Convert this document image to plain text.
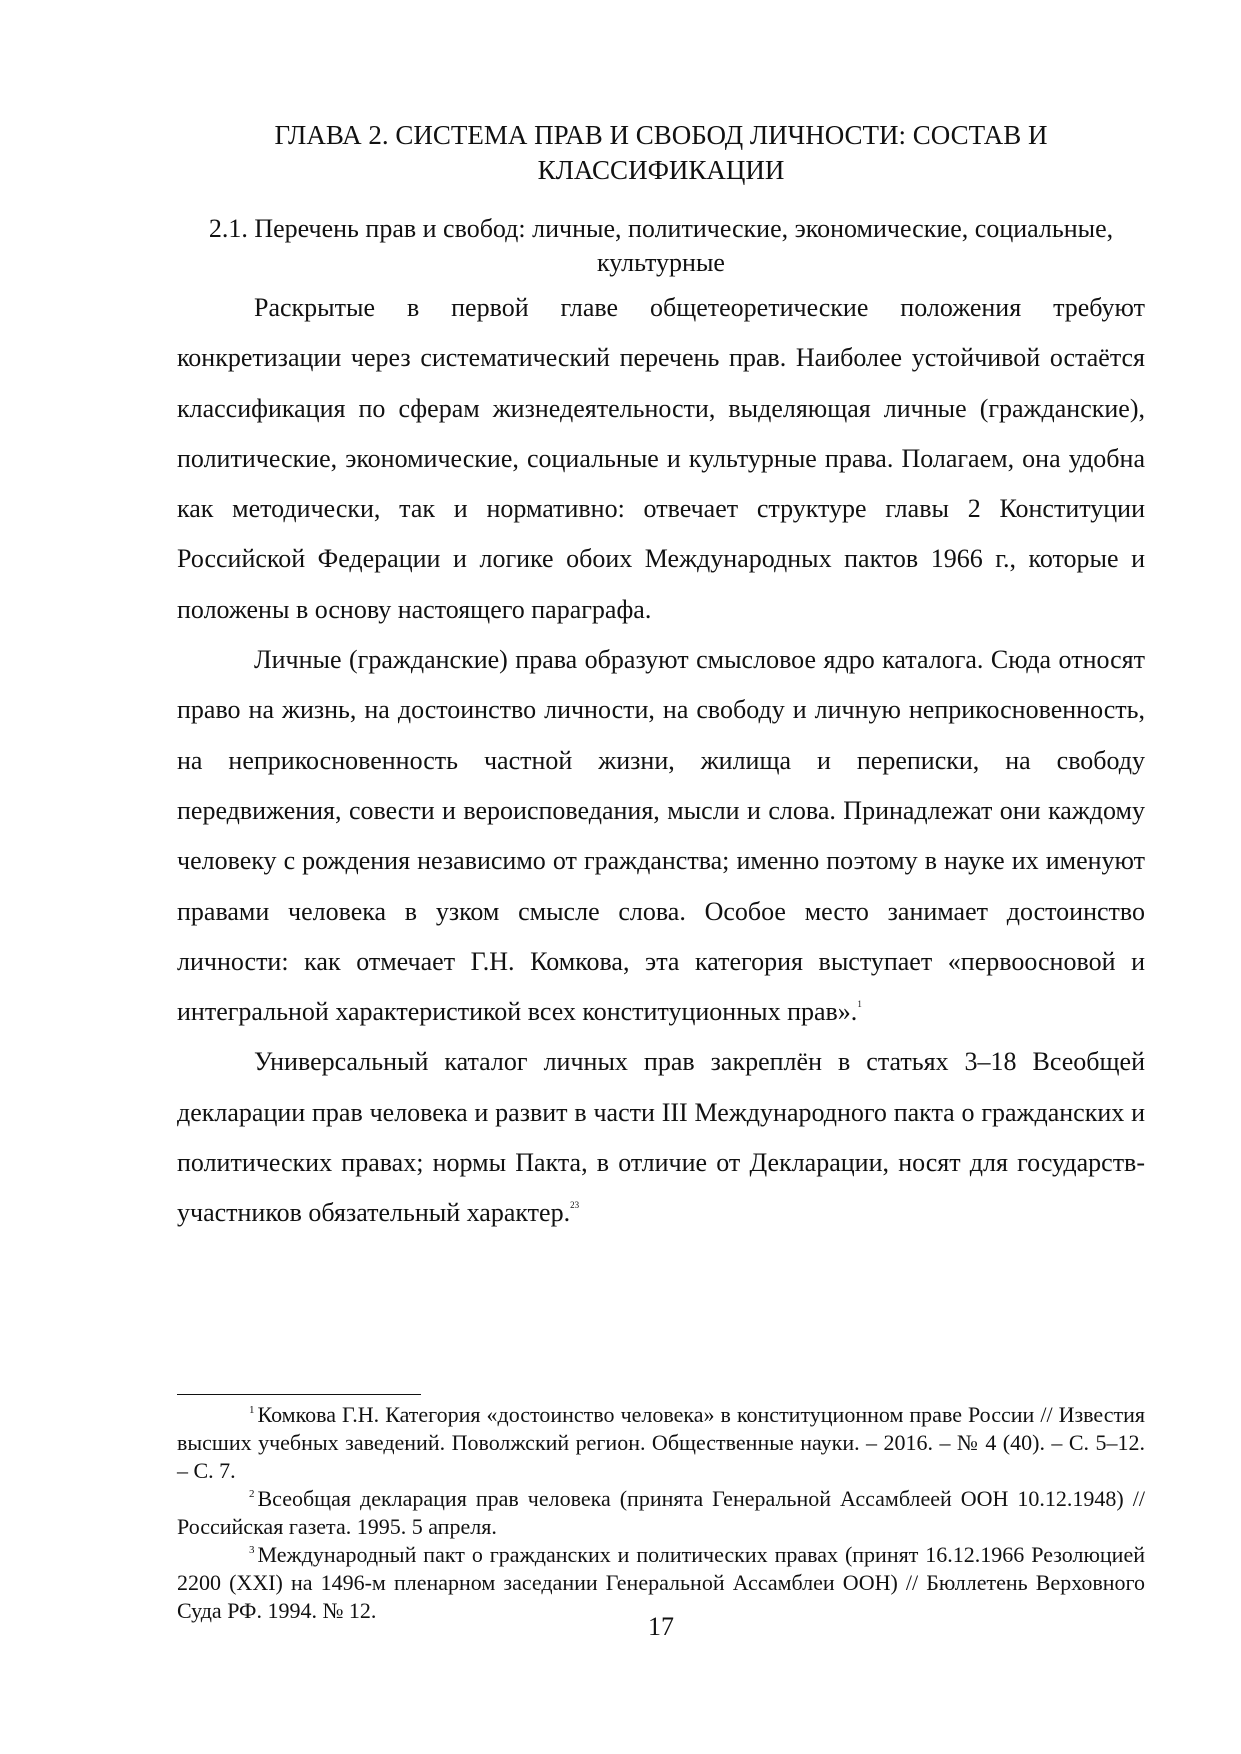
ГЛАВА 2. СИСТЕМА ПРАВ И СВОБОД ЛИЧНОСТИ: СОСТАВ И КЛАССИФИКАЦИИ
2.1. Перечень прав и свобод: личные, политические, экономические, социальные, культурные

Раскрытые в первой главе общетеоретические положения требуют конкретизации через систематический перечень прав. Наиболее устойчивой остаётся классификация по сферам жизнедеятельности, выделяющая личные (гражданские), политические, экономические, социальные и культурные права. Полагаем, она удобна как методически, так и нормативно: отвечает структуре главы 2 Конституции Российской Федерации и логике обоих Международных пактов 1966 г., которые и положены в основу настоящего параграфа.

Личные (гражданские) права образуют смысловое ядро каталога. Сюда относят право на жизнь, на достоинство личности, на свободу и личную неприкосновенность, на неприкосновенность частной жизни, жилища и переписки, на свободу передвижения, совести и вероисповедания, мысли и слова. Принадлежат они каждому человеку с рождения независимо от гражданства; именно поэтому в науке их именуют правами человека в узком смысле слова. Особое место занимает достоинство личности: как отмечает Г.Н. Комкова, эта категория выступает «первоосновой и интегральной характеристикой всех конституционных прав».$^1$

Универсальный каталог личных прав закреплён в статьях 3–18 Всеобщей декларации прав человека и развит в части III Международного пакта о гражданских и политических правах; нормы Пакта, в отличие от Декларации, носят для государств-участников обязательный характер.$^{23}$

$^1$ Комкова Г.Н. Категория «достоинство человека» в конституционном праве России // Известия высших учебных заведений. Поволжский регион. Общественные науки. – 2016. – № 4 (40). – С. 5–12. – С. 7.

$^2$ Всеобщая декларация прав человека (принята Генеральной Ассамблеей ООН 10.12.1948) // Российская газета. 1995. 5 апреля.

$^3$ Международный пакт о гражданских и политических правах (принят 16.12.1966 Резолюцией 2200 (XXI) на 1496-м пленарном заседании Генеральной Ассамблеи ООН) // Бюллетень Верховного Суда РФ. 1994. № 12.

17
